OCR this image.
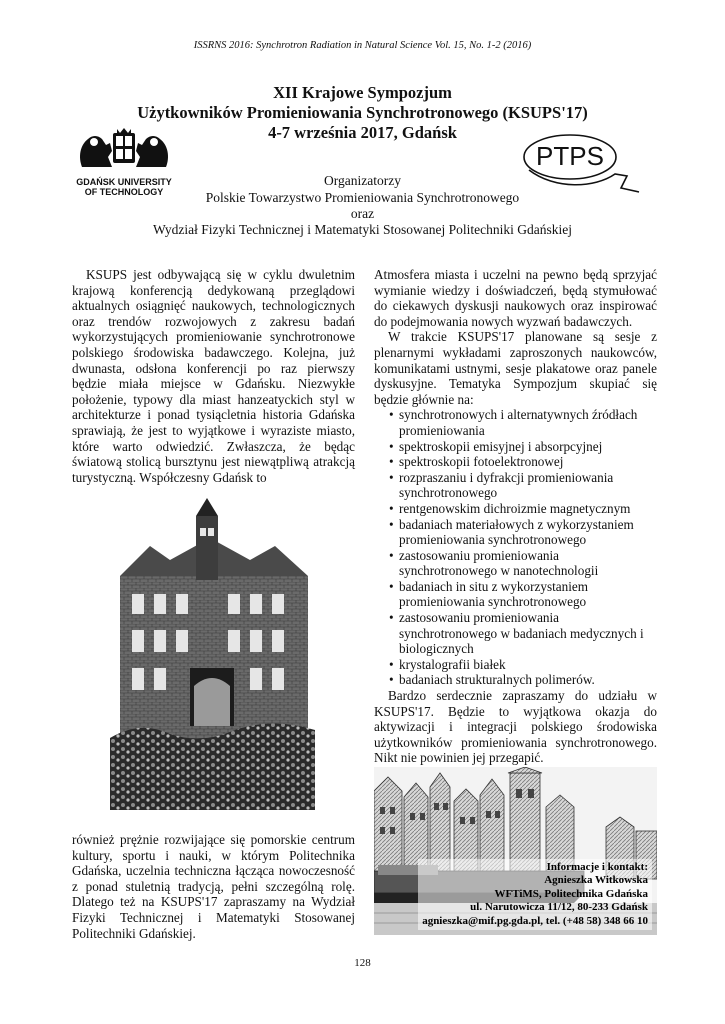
ISSRNS 2016: Synchrotron Radiation in Natural Science Vol. 15, No. 1-2 (2016)
XII Krajowe Sympozjum
Użytkowników Promieniowania Synchrotronowego (KSUPS'17)
4-7 września 2017, Gdańsk
GDAŃSK UNIVERSITY
OF TECHNOLOGY
PTPS
Organizatorzy
Polskie Towarzystwo Promieniowania Synchrotronowego
oraz
Wydział Fizyki Technicznej i Matematyki Stosowanej Politechniki Gdańskiej

KSUPS jest odbywającą się w cyklu dwuletnim krajową konferencją dedykowaną przeglądowi aktualnych osiągnięć naukowych, technologicznych oraz trendów rozwojowych z zakresu badań wykorzystujących promieniowanie synchrotronowe polskiego środowiska badawczego. Kolejna, już dwunasta, odsłona konferencji po raz pierwszy będzie miała miejsce w Gdańsku. Niezwykłe położenie, typowy dla miast hanzeatyckich styl w architekturze i ponad tysiącletnia historia Gdańska sprawiają, że jest to wyjątkowe i wyraziste miasto, które warto odwiedzić. Zwłaszcza, że będąc światową stolicą bursztynu jest niewątpliwą atrakcją turystyczną. Współczesny Gdańsk to

również prężnie rozwijające się pomorskie centrum kultury, sportu i nauki, w którym Politechnika Gdańska, uczelnia techniczna łącząca nowoczesność z ponad stuletnią tradycją, pełni szczególną rolę. Dlatego też na KSUPS'17 zapraszamy na Wydział Fizyki Technicznej i Matematyki Stosowanej Politechniki Gdańskiej.

Atmosfera miasta i uczelni na pewno będą sprzyjać wymianie wiedzy i doświadczeń, będą stymułować do ciekawych dyskusji naukowych oraz inspirować do podejmowania nowych wyzwań badawczych.

W trakcie KSUPS'17 planowane są sesje z plenarnymi wykładami zaproszonych naukowców, komunikatami ustnymi, sesje plakatowe oraz panele dyskusyjne. Tematyka Sympozjum skupiać się będzie głównie na:

• synchrotronowych i alternatywnych źródłach promieniowania
• spektroskopii emisyjnej i absorpcyjnej
• spektroskopii fotoelektronowej
• rozpraszaniu i dyfrakcji promieniowania synchrotronowego
• rentgenowskim dichroizmie magnetycznym
• badaniach materiałowych z wykorzystaniem promieniowania synchrotronowego
• zastosowaniu promieniowania synchrotronowego w nanotechnologii
• badaniach in situ z wykorzystaniem promieniowania synchrotronowego
• zastosowaniu promieniowania synchrotronowego w badaniach medycznych i biologicznych
• krystalografii białek
• badaniach strukturalnych polimerów.

Bardzo serdecznie zapraszamy do udziału w KSUPS'17. Będzie to wyjątkowa okazja do aktywizacji i integracji polskiego środowiska użytkowników promieniowania synchrotronowego. Nikt nie powinien jej przegapić.

Informacje i kontakt:
Agnieszka Witkowska
WFTiMS, Politechnika Gdańska
ul. Narutowicza 11/12, 80-233 Gdańsk
agnieszka@mif.pg.gda.pl, tel. (+48 58) 348 66 10
128
